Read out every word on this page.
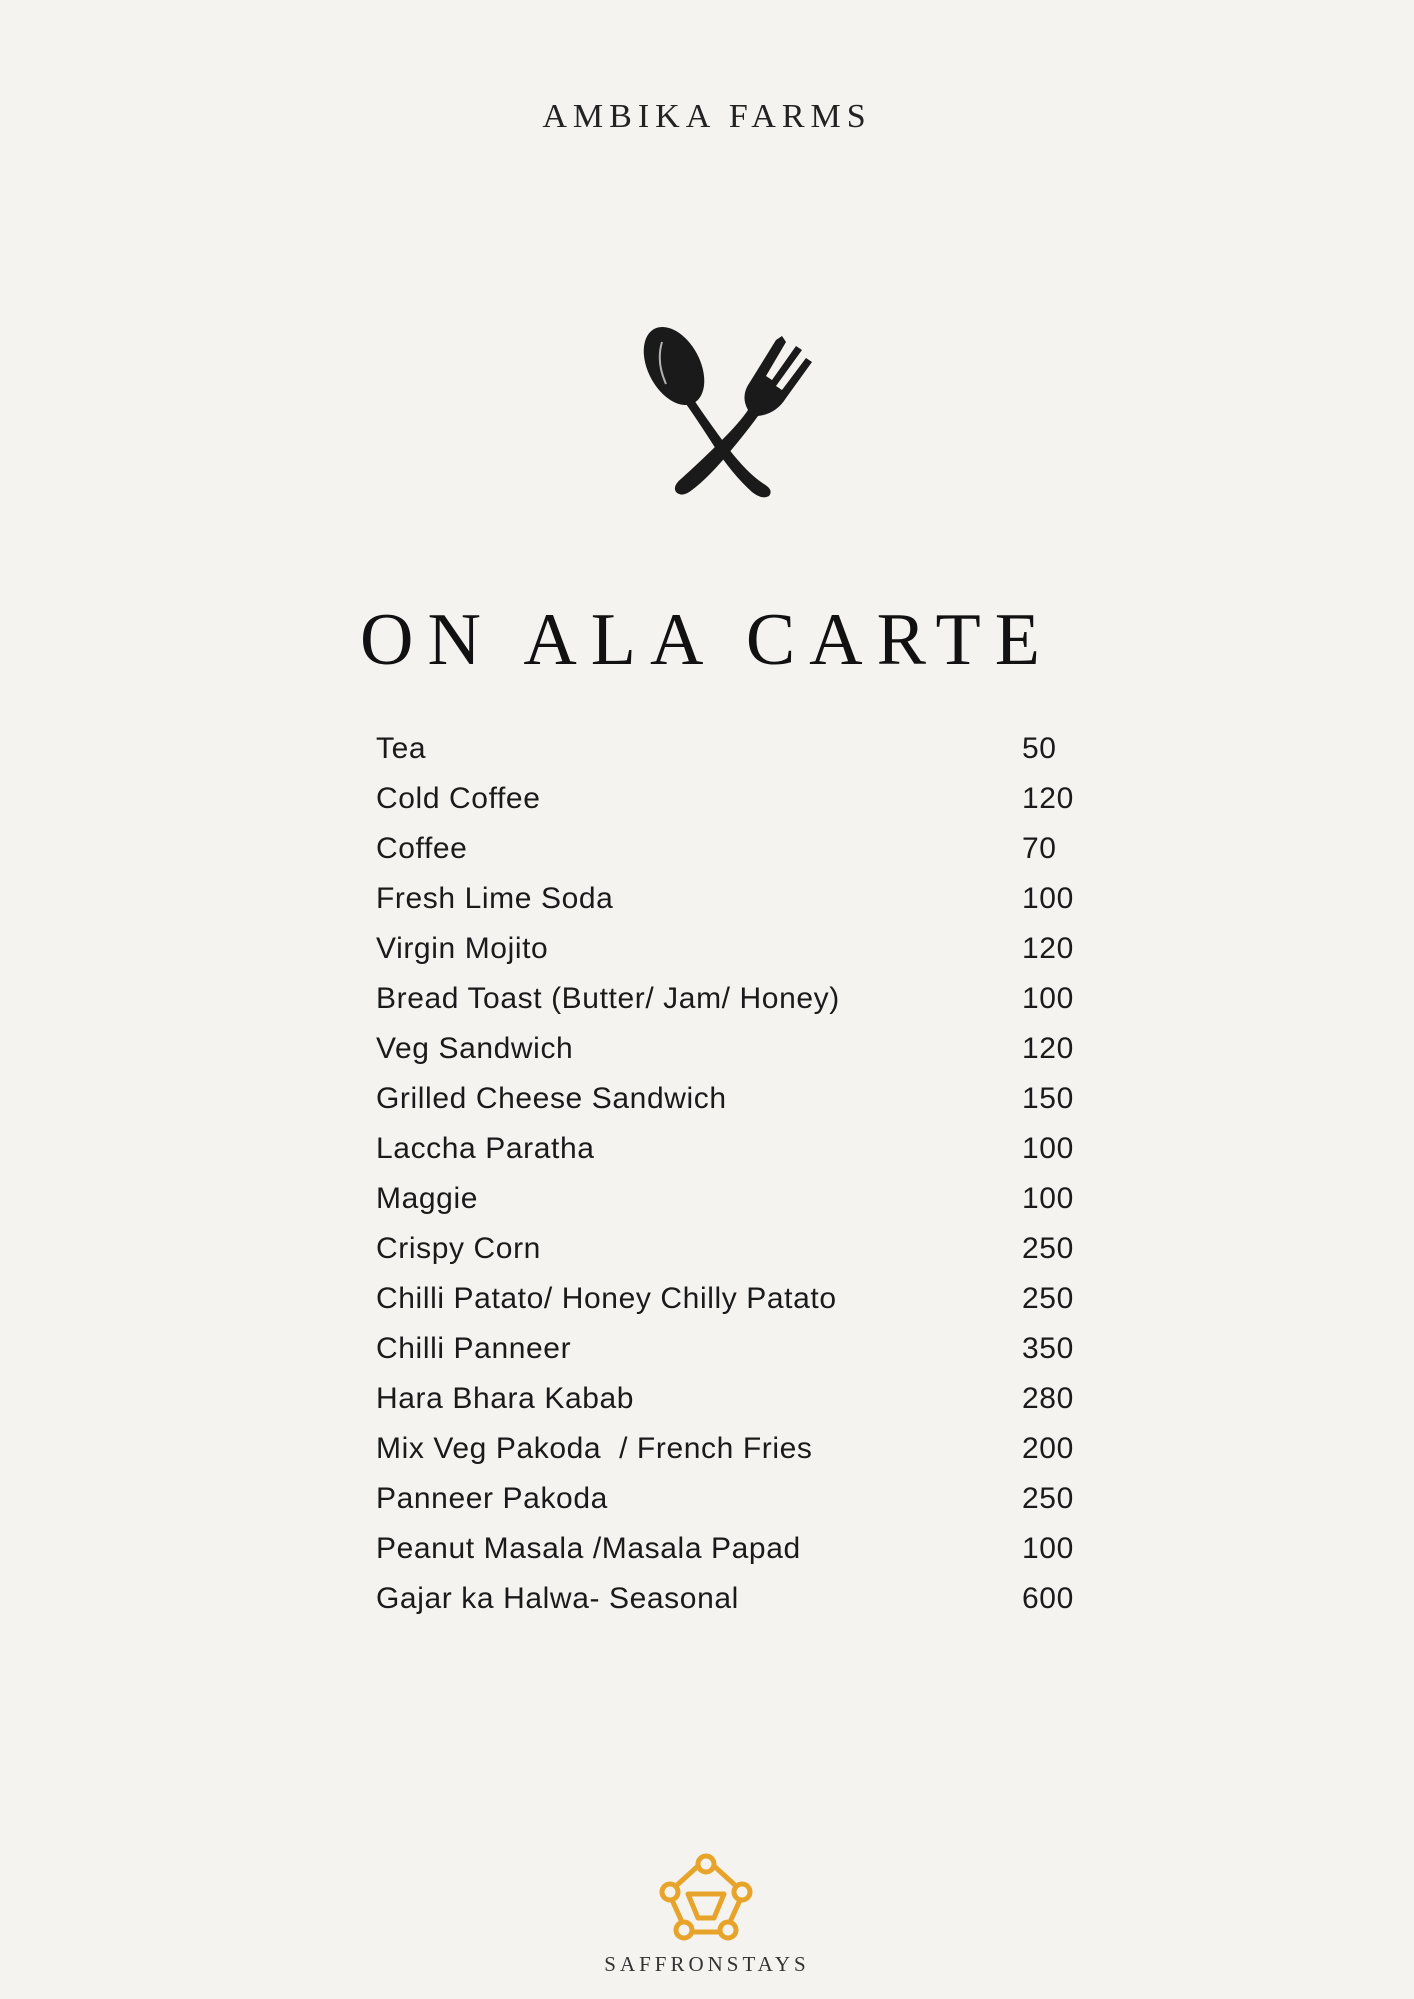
AMBIKA FARMS
ON ALA CARTE
Tea	50
Cold Coffee	120
Coffee	70
Fresh Lime Soda	100
Virgin Mojito	120
Bread Toast (Butter/ Jam/ Honey)	100
Veg Sandwich	120
Grilled Cheese Sandwich	150
Laccha Paratha	100
Maggie	100
Crispy Corn	250
Chilli Patato/ Honey Chilly Patato	250
Chilli Panneer	350
Hara Bhara Kabab	280
Mix Veg Pakoda  / French Fries	200
Panneer Pakoda	250
Peanut Masala /Masala Papad	100
Gajar ka Halwa- Seasonal	600
SAFFRONSTAYS
